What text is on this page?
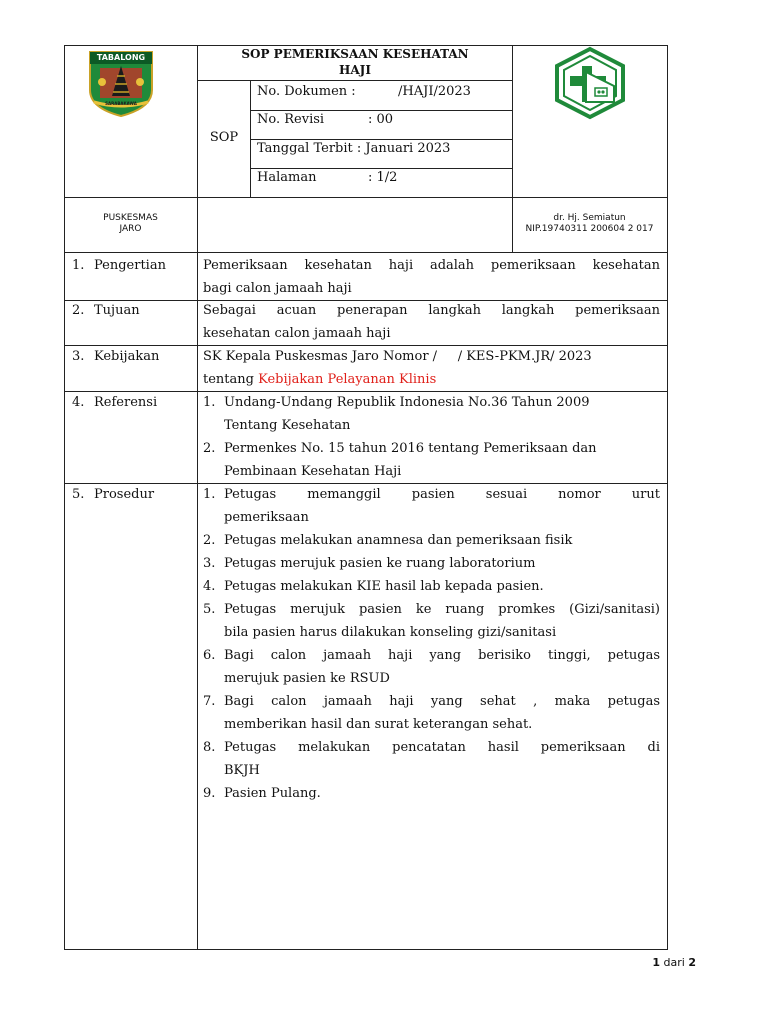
TABALONG
SARABAKAWA
SOP PEMERIKSAAN KESEHATAN
HAJI
SOP
No. Dokumen :	/HAJI/2023
No. Revisi	: 00
Tanggal Terbit : Januari 2023
Halaman	: 1/2
PUSKESMAS
JARO
dr. Hj. Semiatun
NIP.19740311 200604 2 017
1. Pengertian	Pemeriksaan kesehatan haji adalah pemeriksaan kesehatan
bagi calon jamaah haji
2. Tujuan	Sebagai acuan penerapan langkah langkah pemeriksaan
kesehatan calon jamaah haji
3. Kebijakan	SK Kepala Puskesmas Jaro Nomor /     / KES-PKM.JR/ 2023
tentang Kebijakan Pelayanan Klinis
4. Referensi	1. Undang-Undang Republik Indonesia No.36 Tahun 2009
Tentang Kesehatan
2. Permenkes No. 15 tahun 2016 tentang Pemeriksaan dan
Pembinaan Kesehatan Haji
5. Prosedur	1. Petugas memanggil pasien sesuai nomor urut
pemeriksaan
2. Petugas melakukan anamnesa dan pemeriksaan fisik
3. Petugas merujuk pasien ke ruang laboratorium
4. Petugas melakukan KIE hasil lab kepada pasien.
5. Petugas merujuk pasien ke ruang promkes (Gizi/sanitasi)
bila pasien harus dilakukan konseling gizi/sanitasi
6. Bagi calon jamaah haji yang berisiko tinggi, petugas
merujuk pasien ke RSUD
7. Bagi calon jamaah haji yang sehat , maka petugas
memberikan hasil dan surat keterangan sehat.
8. Petugas melakukan pencatatan hasil pemeriksaan di
BKJH
9. Pasien Pulang.
1 dari 2
